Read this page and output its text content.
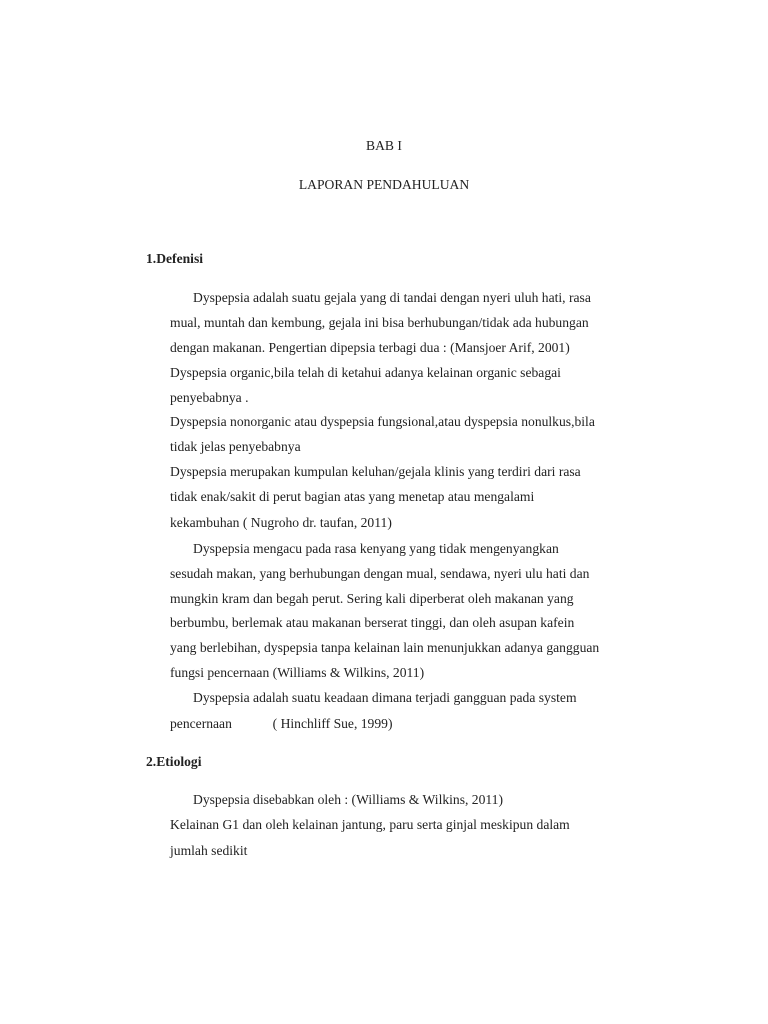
BAB I

LAPORAN PENDAHULUAN

1.Defenisi

Dyspepsia adalah suatu gejala yang di tandai dengan nyeri uluh hati, rasa

mual, muntah dan kembung, gejala ini bisa berhubungan/tidak ada hubungan

dengan makanan. Pengertian dipepsia terbagi dua : (Mansjoer Arif, 2001)

Dyspepsia organic,bila telah di ketahui adanya kelainan organic sebagai

penyebabnya .

Dyspepsia nonorganic atau dyspepsia fungsional,atau dyspepsia nonulkus,bila

tidak jelas penyebabnya

Dyspepsia merupakan kumpulan keluhan/gejala klinis yang terdiri dari rasa

tidak enak/sakit di perut bagian atas yang menetap atau mengalami

kekambuhan ( Nugroho dr. taufan, 2011)

Dyspepsia mengacu pada rasa kenyang yang tidak mengenyangkan

sesudah makan, yang berhubungan dengan mual, sendawa, nyeri ulu hati dan

mungkin kram dan begah perut. Sering kali diperberat oleh makanan yang

berbumbu, berlemak atau makanan berserat tinggi, dan oleh asupan kafein

yang berlebihan, dyspepsia tanpa kelainan lain menunjukkan adanya gangguan

fungsi pencernaan (Williams & Wilkins, 2011)

Dyspepsia adalah suatu keadaan dimana terjadi gangguan pada system

pencernaan            ( Hinchliff Sue, 1999)

2.Etiologi

Dyspepsia disebabkan oleh : (Williams & Wilkins, 2011)

Kelainan G1 dan oleh kelainan jantung, paru serta ginjal meskipun dalam

jumlah sedikit
